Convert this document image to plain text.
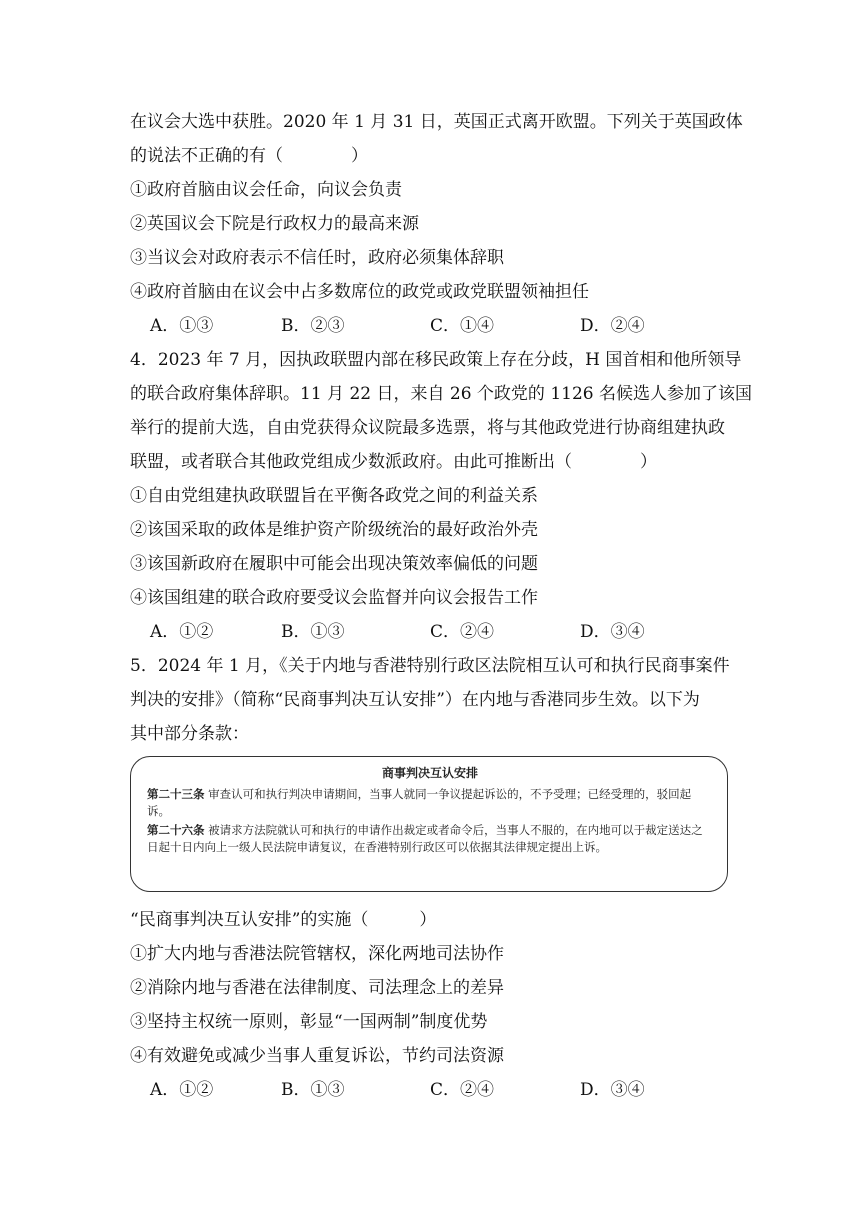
在议会大选中获胜。2020 年 1 月 31 日，英国正式离开欧盟。下列关于英国政体
的说法不正确的有（　　　　）
①政府首脑由议会任命，向议会负责
②英国议会下院是行政权力的最高来源
③当议会对政府表示不信任时，政府必须集体辞职
④政府首脑由在议会中占多数席位的政党或政党联盟领袖担任
A．①③	B．②③	C．①④	D．②④
4．2023 年 7 月，因执政联盟内部在移民政策上存在分歧，H 国首相和他所领导
的联合政府集体辞职。11 月 22 日，来自 26 个政党的 1126 名候选人参加了该国
举行的提前大选，自由党获得众议院最多选票，将与其他政党进行协商组建执政
联盟，或者联合其他政党组成少数派政府。由此可推断出（　　　　）
①自由党组建执政联盟旨在平衡各政党之间的利益关系
②该国采取的政体是维护资产阶级统治的最好政治外壳
③该国新政府在履职中可能会出现决策效率偏低的问题
④该国组建的联合政府要受议会监督并向议会报告工作
A．①②	B．①③	C．②④	D．③④
5．2024 年 1 月，《关于内地与香港特别行政区法院相互认可和执行民商事案件
判决的安排》（简称“民商事判决互认安排”）在内地与香港同步生效。以下为
其中部分条款：
商事判决互认安排

第二十三条 审查认可和执行判决申请期间，当事人就同一争议提起诉讼的，不予受理；已经受理的，驳回起诉。

第二十六条 被请求方法院就认可和执行的申请作出裁定或者命令后，当事人不服的，在内地可以于裁定送达之日起十日内向上一级人民法院申请复议，在香港特别行政区可以依据其法律规定提出上诉。

“民商事判决互认安排”的实施（　　　）
①扩大内地与香港法院管辖权，深化两地司法协作
②消除内地与香港在法律制度、司法理念上的差异
③坚持主权统一原则，彰显“一国两制”制度优势
④有效避免或减少当事人重复诉讼，节约司法资源
A．①②	B．①③	C．②④	D．③④
